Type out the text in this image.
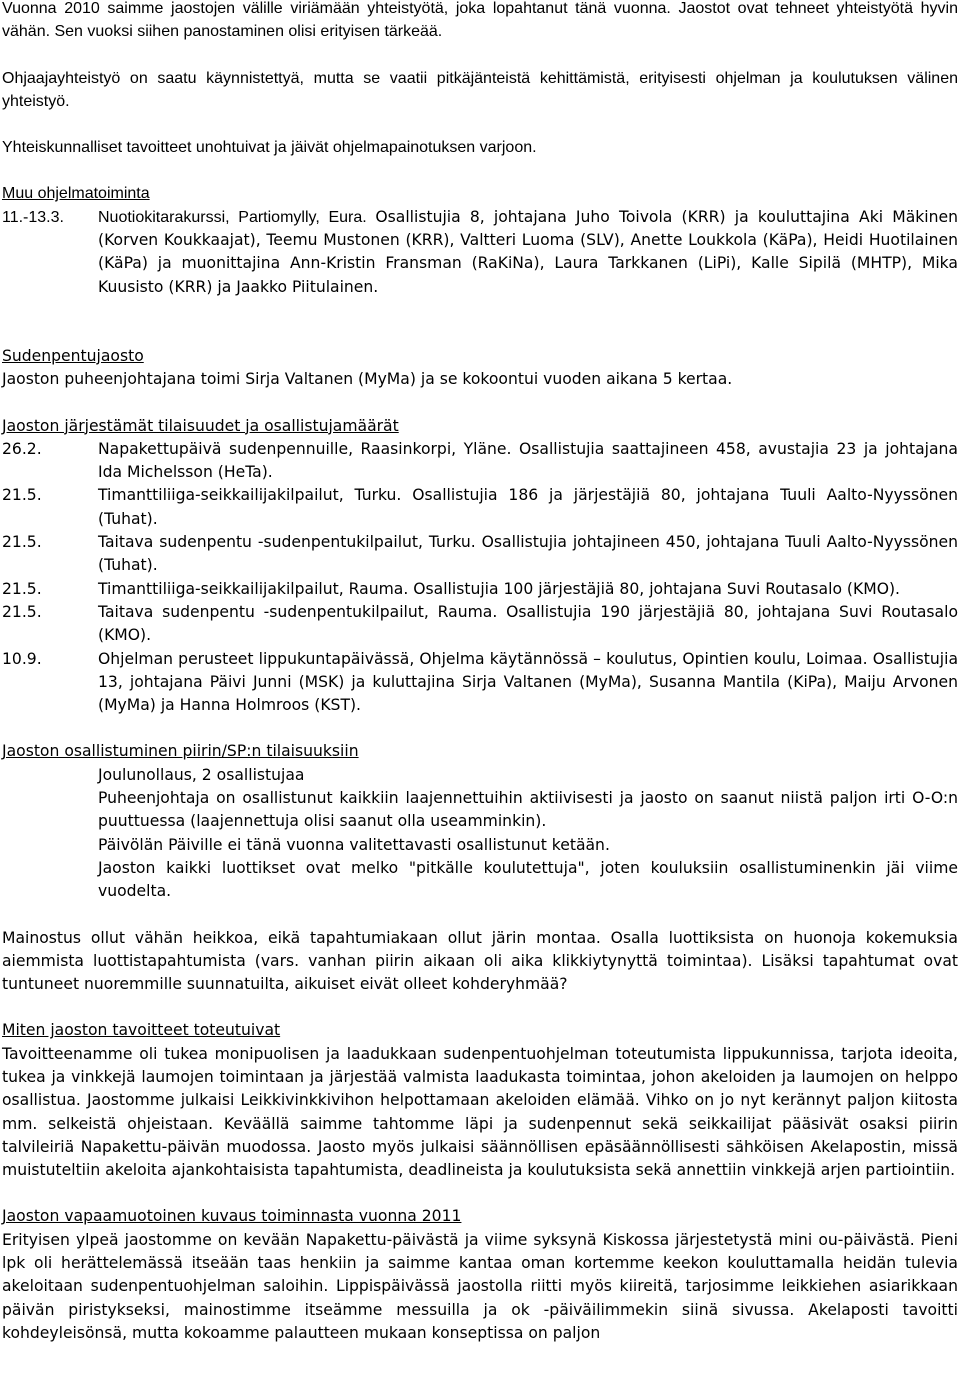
Vuonna 2010 saimme jaostojen välille viriämään yhteistyötä, joka lopahtanut tänä vuonna. Jaostot ovat tehneet yhteistyötä hyvin vähän. Sen vuoksi siihen panostaminen olisi erityisen tärkeää.

Ohjaajayhteistyö on saatu käynnistettyä, mutta se vaatii pitkäjänteistä kehittämistä, erityisesti ohjelman ja koulutuksen välinen yhteistyö.

Yhteiskunnalliset tavoitteet unohtuivat ja jäivät ohjelmapainotuksen varjoon.

Muu ohjelmatoiminta

11.-13.3.	Nuotiokitarakurssi, Partiomylly, Eura. Osallistujia 8, johtajana Juho Toivola (KRR) ja kouluttajina Aki Mäkinen (Korven Koukkaajat), Teemu Mustonen (KRR), Valtteri Luoma (SLV), Anette Loukkola (KäPa), Heidi Huotilainen (KäPa) ja muonittajina Ann-Kristin Fransman (RaKiNa), Laura Tarkkanen (LiPi), Kalle Sipilä (MHTP), Mika Kuusisto (KRR) ja Jaakko Piitulainen.

Sudenpentujaosto

Jaoston puheenjohtajana toimi Sirja Valtanen (MyMa) ja se kokoontui vuoden aikana 5 kertaa.

Jaoston järjestämät tilaisuudet ja osallistujamäärät

26.2.	Napakettupäivä sudenpennuille, Raasinkorpi, Yläne. Osallistujia saattajineen 458, avustajia 23 ja johtajana Ida Michelsson (HeTa).
21.5.	Timanttiliiga-seikkailijakilpailut, Turku. Osallistujia 186 ja järjestäjiä 80, johtajana Tuuli Aalto-Nyyssönen (Tuhat).
21.5.	Taitava sudenpentu -sudenpentukilpailut, Turku. Osallistujia johtajineen 450, johtajana Tuuli Aalto-Nyyssönen (Tuhat).
21.5.	Timanttiliiga-seikkailijakilpailut, Rauma. Osallistujia 100 järjestäjiä 80, johtajana Suvi Routasalo (KMO).
21.5.	Taitava sudenpentu -sudenpentukilpailut, Rauma. Osallistujia 190 järjestäjiä 80, johtajana Suvi Routasalo (KMO).
10.9.	Ohjelman perusteet lippukuntapäivässä, Ohjelma käytännössä – koulutus, Opintien koulu, Loimaa. Osallistujia 13, johtajana Päivi Junni (MSK) ja kuluttajina Sirja Valtanen (MyMa), Susanna Mantila (KiPa), Maiju Arvonen (MyMa) ja Hanna Holmroos (KST).

Jaoston osallistuminen piirin/SP:n tilaisuuksiin

Joulunollaus, 2 osallistujaa

Puheenjohtaja on osallistunut kaikkiin laajennettuihin aktiivisesti ja jaosto on saanut niistä paljon irti O-O:n puuttuessa (laajennettuja olisi saanut olla useamminkin).

Päivölän Päiville ei tänä vuonna valitettavasti osallistunut ketään.

Jaoston kaikki luottikset ovat melko "pitkälle koulutettuja", joten kouluksiin osallistuminenkin jäi viime vuodelta.

Mainostus ollut vähän heikkoa, eikä tapahtumiakaan ollut järin montaa. Osalla luottiksista on huonoja kokemuksia aiemmista luottistapahtumista (vars. vanhan piirin aikaan oli aika klikkiytynyttä toimintaa). Lisäksi tapahtumat ovat tuntuneet nuoremmille suunnatuilta, aikuiset eivät olleet kohderyhmää?

Miten jaoston tavoitteet toteutuivat

Tavoitteenamme oli tukea monipuolisen ja laadukkaan sudenpentuohjelman toteutumista lippukunnissa, tarjota ideoita, tukea ja vinkkejä laumojen toimintaan ja järjestää valmista laadukasta toimintaa, johon akeloiden ja laumojen on helppo osallistua. Jaostomme julkaisi Leikkivinkkivihon helpottamaan akeloiden elämää. Vihko on jo nyt kerännyt paljon kiitosta mm. selkeistä ohjeistaan. Keväällä saimme tahtomme läpi ja sudenpennut sekä seikkailijat pääsivät osaksi piirin talvileiriä Napakettu-päivän muodossa. Jaosto myös julkaisi säännöllisen epäsäännöllisesti sähköisen Akelapostin, missä muistuteltiin akeloita ajankohtaisista tapahtumista, deadlineista ja koulutuksista sekä annettiin vinkkejä arjen partiointiin.

Jaoston vapaamuotoinen kuvaus toiminnasta vuonna 2011

Erityisen ylpeä jaostomme on kevään Napakettu-päivästä ja viime syksynä Kiskossa järjestetystä mini ou-päivästä. Pieni lpk oli herättelemässä itseään taas henkiin ja saimme kantaa oman kortemme keekon kouluttamalla heidän tulevia akeloitaan sudenpentuohjelman saloihin. Lippispäivässä jaostolla riitti myös kiireitä, tarjosimme leikkiehen asiarikkaan päivän piristykseksi, mainostimme itseämme messuilla ja ok -päiväilimmekin siinä sivussa. Akelaposti tavoitti kohdeyleisönsä, mutta kokoamme palautteen mukaan konseptissa on paljon
